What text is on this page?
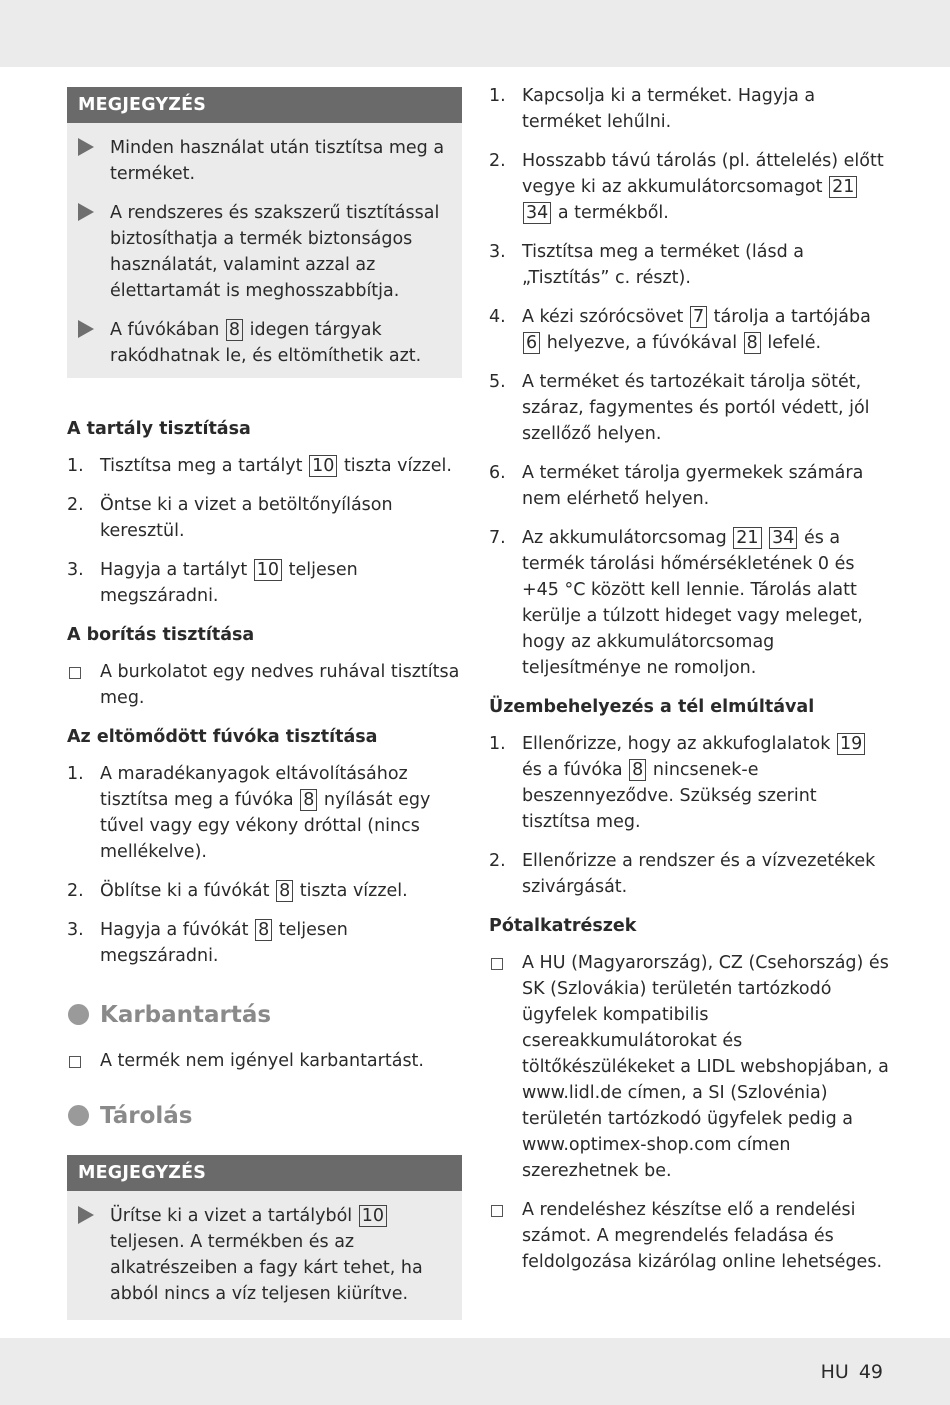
MEGJEGYZÉS
Minden használat után tisztítsa meg a terméket.
A rendszeres és szakszerű tisztítással biztosíthatja a termék biztonságos használatát, valamint azzal az élettartamát is meghosszabbítja.
A fúvókában 8 idegen tárgyak rakódhatnak le, és eltömíthetik azt.
A tartály tisztítása
1. Tisztítsa meg a tartályt 10 tiszta vízzel.
2. Öntse ki a vizet a betöltőnyíláson keresztül.
3. Hagyja a tartályt 10 teljesen megszáradni.
A borítás tisztítása
A burkolatot egy nedves ruhával tisztítsa meg.
Az eltömődött fúvóka tisztítása
1. A maradékanyagok eltávolításához tisztítsa meg a fúvóka 8 nyílását egy tűvel vagy egy vékony dróttal (nincs mellékelve).
2. Öblítse ki a fúvókát 8 tiszta vízzel.
3. Hagyja a fúvókát 8 teljesen megszáradni.
Karbantartás
A termék nem igényel karbantartást.
Tárolás
MEGJEGYZÉS
Ürítse ki a vizet a tartályból 10 teljesen. A termékben és az alkatrészeiben a fagy kárt tehet, ha abból nincs a víz teljesen kiürítve.
1. Kapcsolja ki a terméket. Hagyja a terméket lehűlni.
2. Hosszabb távú tárolás (pl. áttelelés) előtt vegye ki az akkumulátorcsomagot 21 34 a termékből.
3. Tisztítsa meg a terméket (lásd a „Tisztítás” c. részt).
4. A kézi szórócsövet 7 tárolja a tartójába 6 helyezve, a fúvókával 8 lefelé.
5. A terméket és tartozékait tárolja sötét, száraz, fagymentes és portól védett, jól szellőző helyen.
6. A terméket tárolja gyermekek számára nem elérhető helyen.
7. Az akkumulátorcsomag 21 34 és a termék tárolási hőmérsékletének 0 és +45 °C között kell lennie. Tárolás alatt kerülje a túlzott hideget vagy meleget, hogy az akkumulátorcsomag teljesítménye ne romoljon.
Üzembehelyezés a tél elmúltával
1. Ellenőrizze, hogy az akkufoglalatok 19 és a fúvóka 8 nincsenek-e beszennyeződve. Szükség szerint tisztítsa meg.
2. Ellenőrizze a rendszer és a vízvezetékek szivárgását.
Pótalkatrészek
A HU (Magyarország), CZ (Csehország) és SK (Szlovákia) területén tartózkodó ügyfelek kompatibilis csereakkumulátorokat és töltőkészülékeket a LIDL webshopjában, a www.lidl.de címen, a SI (Szlovénia) területén tartózkodó ügyfelek pedig a www.optimex-shop.com címen szerezhetnek be.
A rendeléshez készítse elő a rendelési számot. A megrendelés feladása és feldolgozása kizárólag online lehetséges.
HU 49
